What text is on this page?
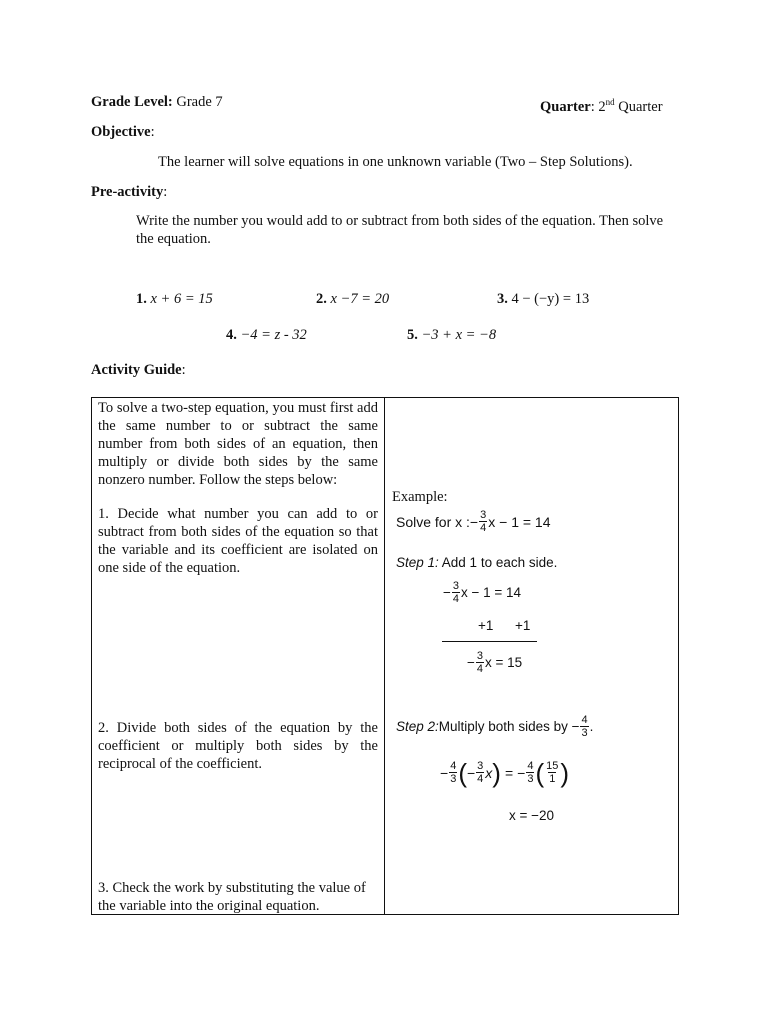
Grade Level: Grade 7	Quarter: 2nd Quarter
Objective:
The learner will solve equations in one unknown variable (Two – Step Solutions).
Pre-activity:
Write the number you would add to or subtract from both sides of the equation. Then solve the equation.
1. x + 6 = 15	2. x −7 = 20	3. 4 − (−y) = 13
4. −4 = z - 32	5. −3 + x = −8
Activity Guide:
To solve a two-step equation, you must first add the same number to or subtract the same number from both sides of an equation, then multiply or divide both sides by the same nonzero number. Follow the steps below:
1. Decide what number you can add to or subtract from both sides of the equation so that the variable and its coefficient are isolated on one side of the equation.
2. Divide both sides of the equation by the coefficient or multiply both sides by the reciprocal of the coefficient.
3. Check the work by substituting the value of the variable into the original equation.

Example:
Solve for x : − $\frac{3}{4}$ x − 1 = 14
Step 1: Add 1 to each side.
− $\frac{3}{4}$ x − 1 = 14
+1 +1
− $\frac{3}{4}$ x = 15
Step 2: Multiply both sides by − $\frac{4}{3}$ .
− $\frac{4}{3}$ ( − $\frac{3}{4}$ x ) = − $\frac{4}{3}$ ( $\frac{15}{1}$ )
x = −20
